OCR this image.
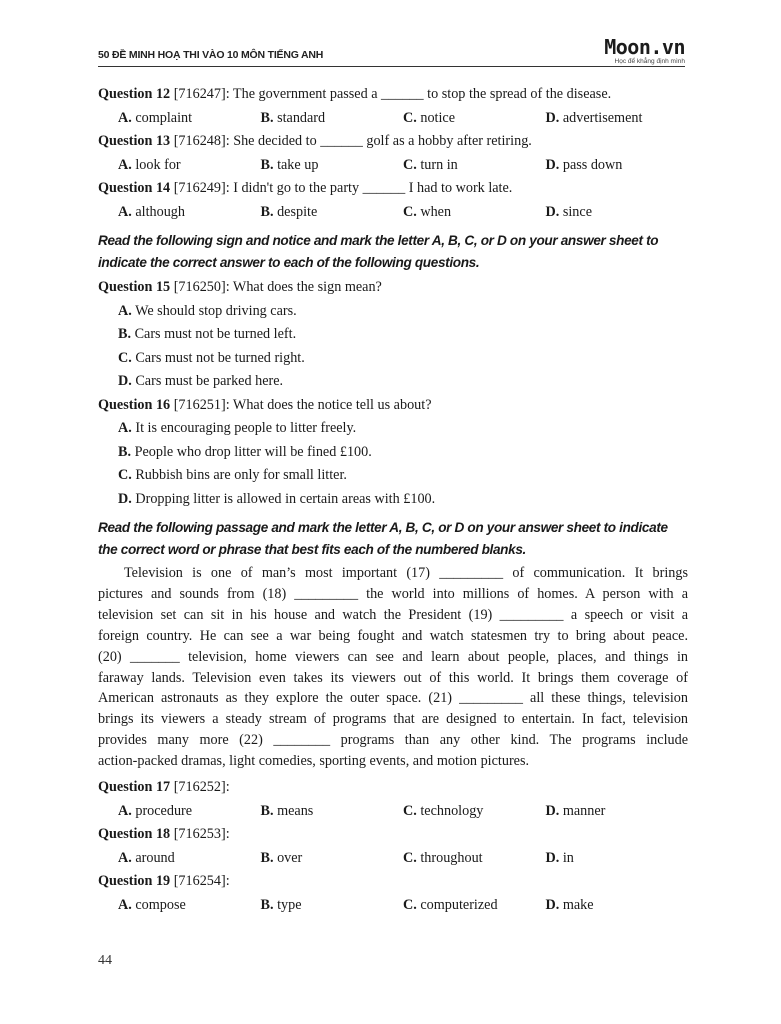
50 ĐỀ MINH HOẠ THI VÀO 10 MÔN TIẾNG ANH	Moon.vn
Học để khẳng định mình
Question 12 [716247]: The government passed a ______ to stop the spread of the disease.
A. complaint	B. standard	C. notice	D. advertisement
Question 13 [716248]: She decided to ______ golf as a hobby after retiring.
A. look for	B. take up	C. turn in	D. pass down
Question 14 [716249]: I didn't go to the party ______ I had to work late.
A. although	B. despite	C. when	D. since
Read the following sign and notice and mark the letter A, B, C, or D on your answer sheet to
indicate the correct answer to each of the following questions.
Question 15 [716250]: What does the sign mean?
A. We should stop driving cars.
B. Cars must not be turned left.
C. Cars must not be turned right.
D. Cars must be parked here.
Question 16 [716251]: What does the notice tell us about?
A. It is encouraging people to litter freely.
B. People who drop litter will be fined £100.
C. Rubbish bins are only for small litter.
D. Dropping litter is allowed in certain areas with £100.
Read the following passage and mark the letter A, B, C, or D on your answer sheet to indicate
the correct word or phrase that best fits each of the numbered blanks.
Television is one of man’s most important (17) _________ of communication. It brings
pictures and sounds from (18) _________ the world into millions of homes. A person with a
television set can sit in his house and watch the President (19) _________ a speech or visit a
foreign country. He can see a war being fought and watch statesmen try to bring about peace.
(20) _______ television, home viewers can see and learn about people, places, and things in
faraway lands. Television even takes its viewers out of this world. It brings them coverage of
American astronauts as they explore the outer space. (21) _________ all these things, television
brings its viewers a steady stream of programs that are designed to entertain. In fact, television
provides many more (22) ________ programs than any other kind. The programs include
action-packed dramas, light comedies, sporting events, and motion pictures.
Question 17 [716252]:
A. procedure	B. means	C. technology	D. manner
Question 18 [716253]:
A. around	B. over	C. throughout	D. in
Question 19 [716254]:
A. compose	B. type	C. computerized	D. make
44
